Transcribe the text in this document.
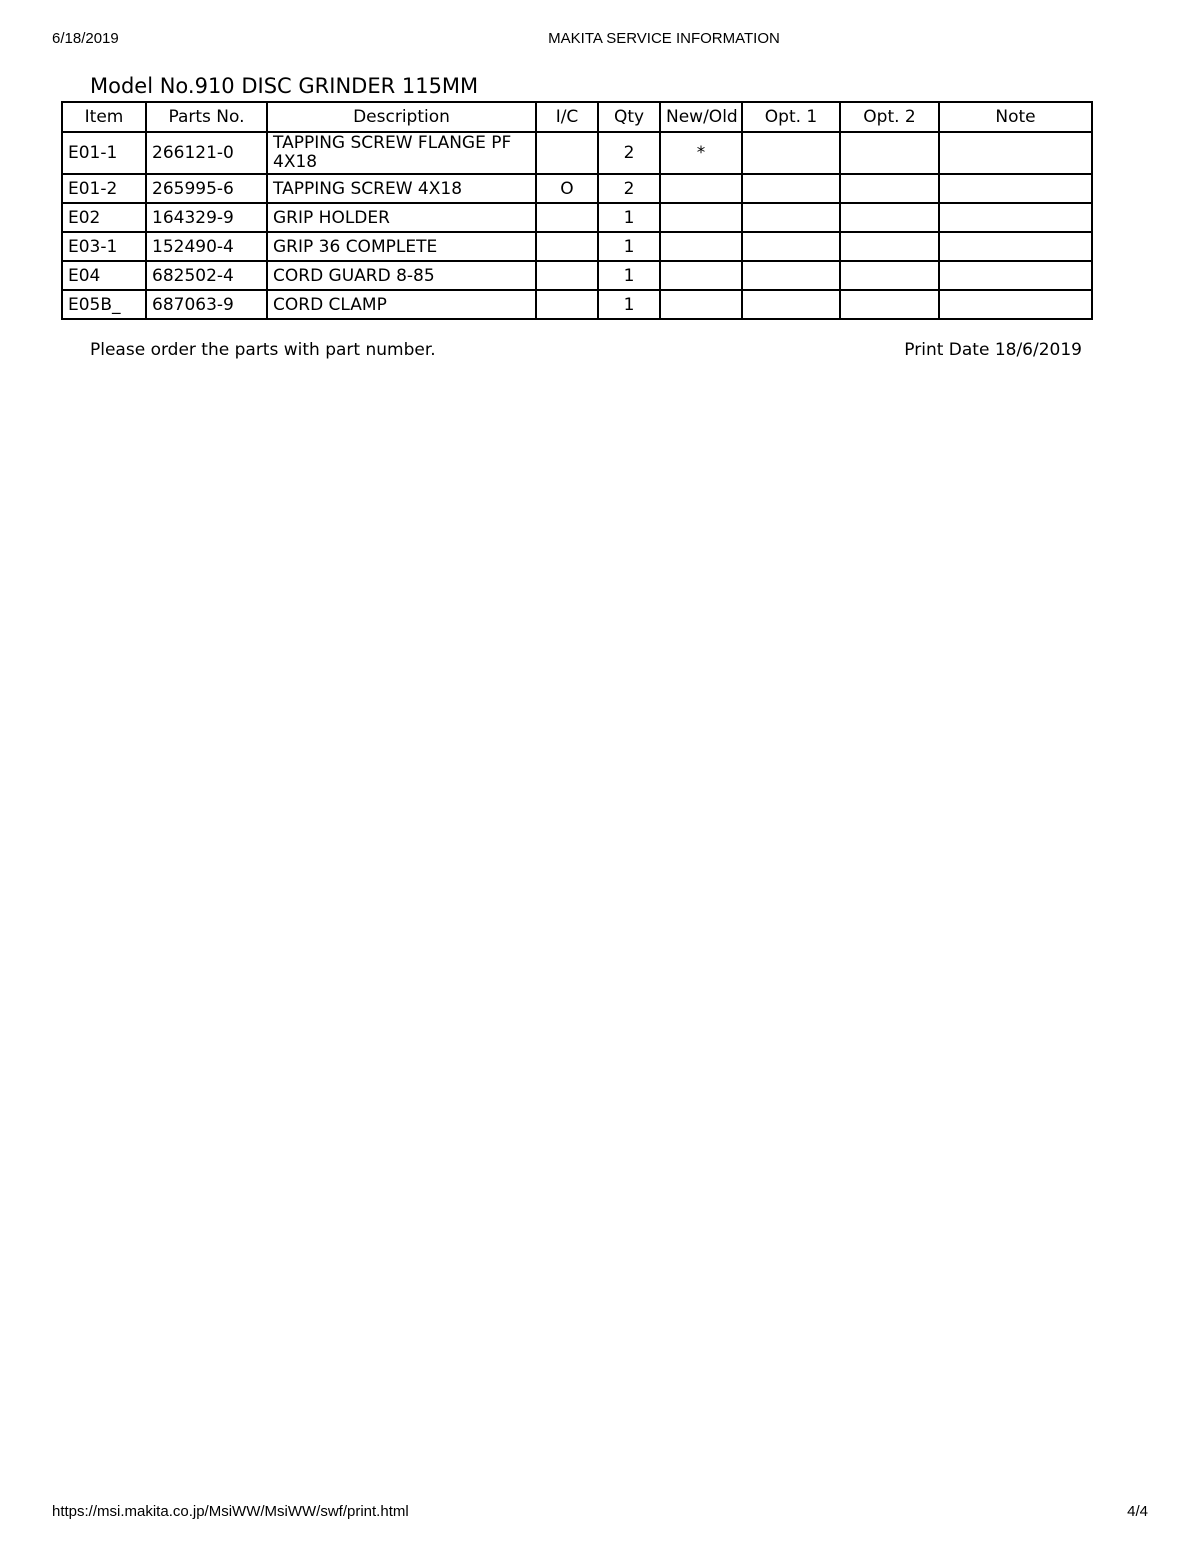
6/18/2019	MAKITA SERVICE INFORMATION
Model No.910 DISC GRINDER 115MM
Item	Parts No.	Description	I/C	Qty	New/Old	Opt. 1	Opt. 2	Note
E01-1	266121-0	TAPPING SCREW FLANGE PF 4X18		2	*			
E01-2	265995-6	TAPPING SCREW 4X18	O	2				
E02	164329-9	GRIP HOLDER		1				
E03-1	152490-4	GRIP 36 COMPLETE		1				
E04	682502-4	CORD GUARD 8-85		1				
E05B_	687063-9	CORD CLAMP		1				
Please order the parts with part number.	Print Date 18/6/2019
https://msi.makita.co.jp/MsiWW/MsiWW/swf/print.html	4/4
